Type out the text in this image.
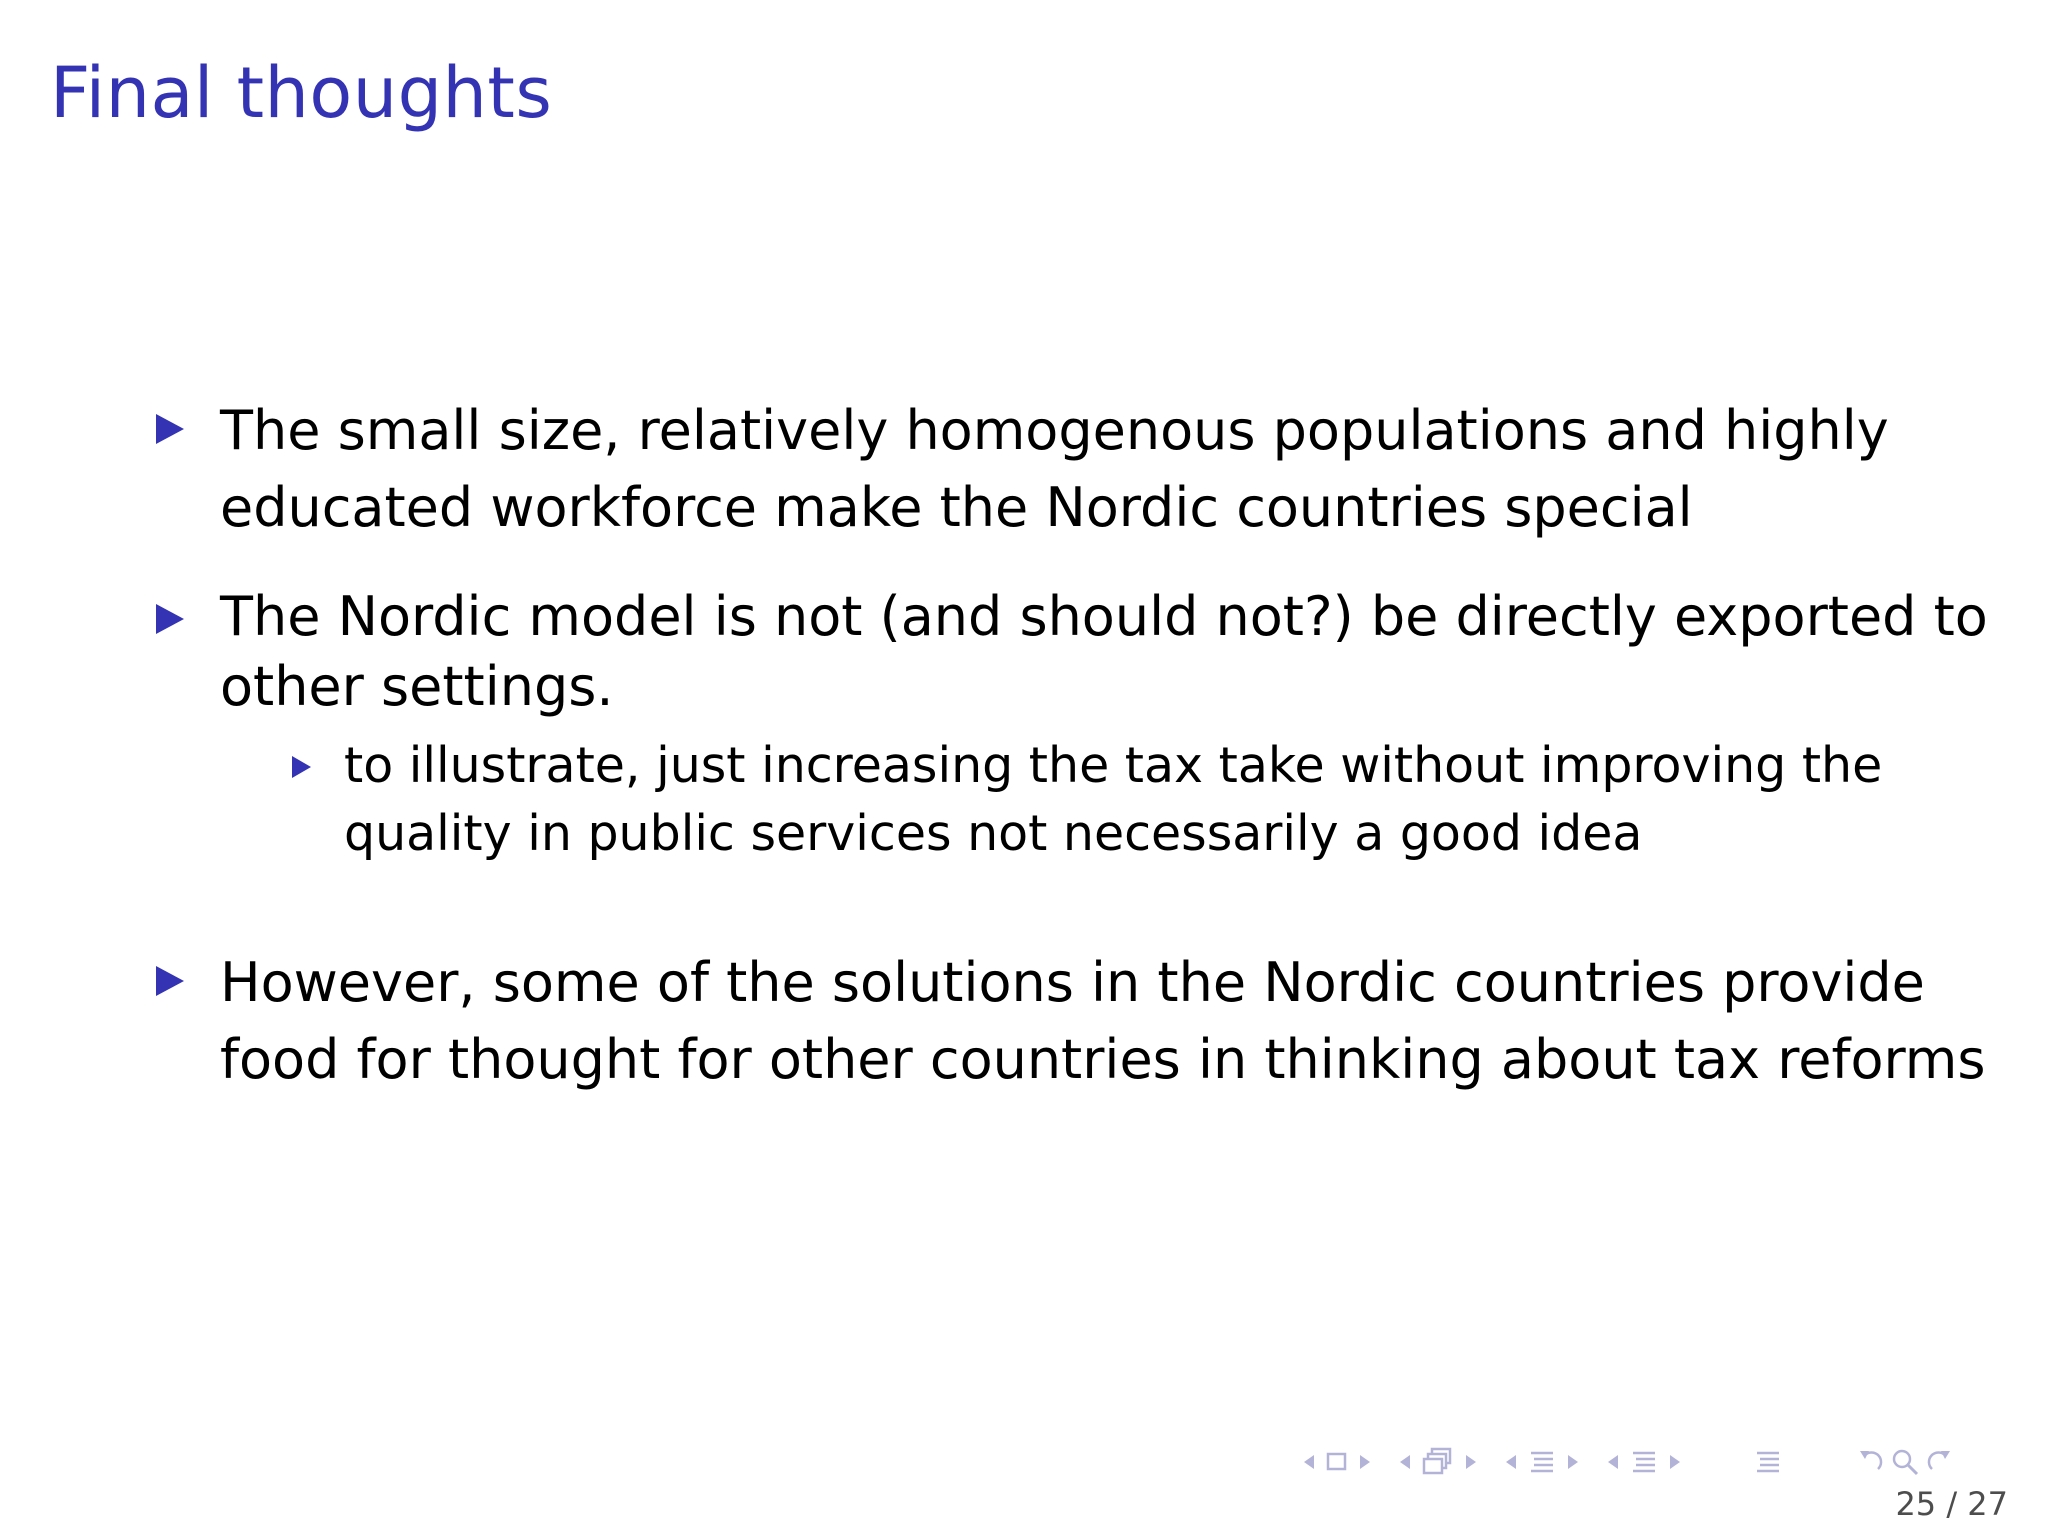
Final thoughts
The small size, relatively homogenous populations and highly educated workforce make the Nordic countries special
The Nordic model is not (and should not?) be directly exported to other settings.
to illustrate, just increasing the tax take without improving the quality in public services not necessarily a good idea
However, some of the solutions in the Nordic countries provide food for thought for other countries in thinking about tax reforms
25 / 27
